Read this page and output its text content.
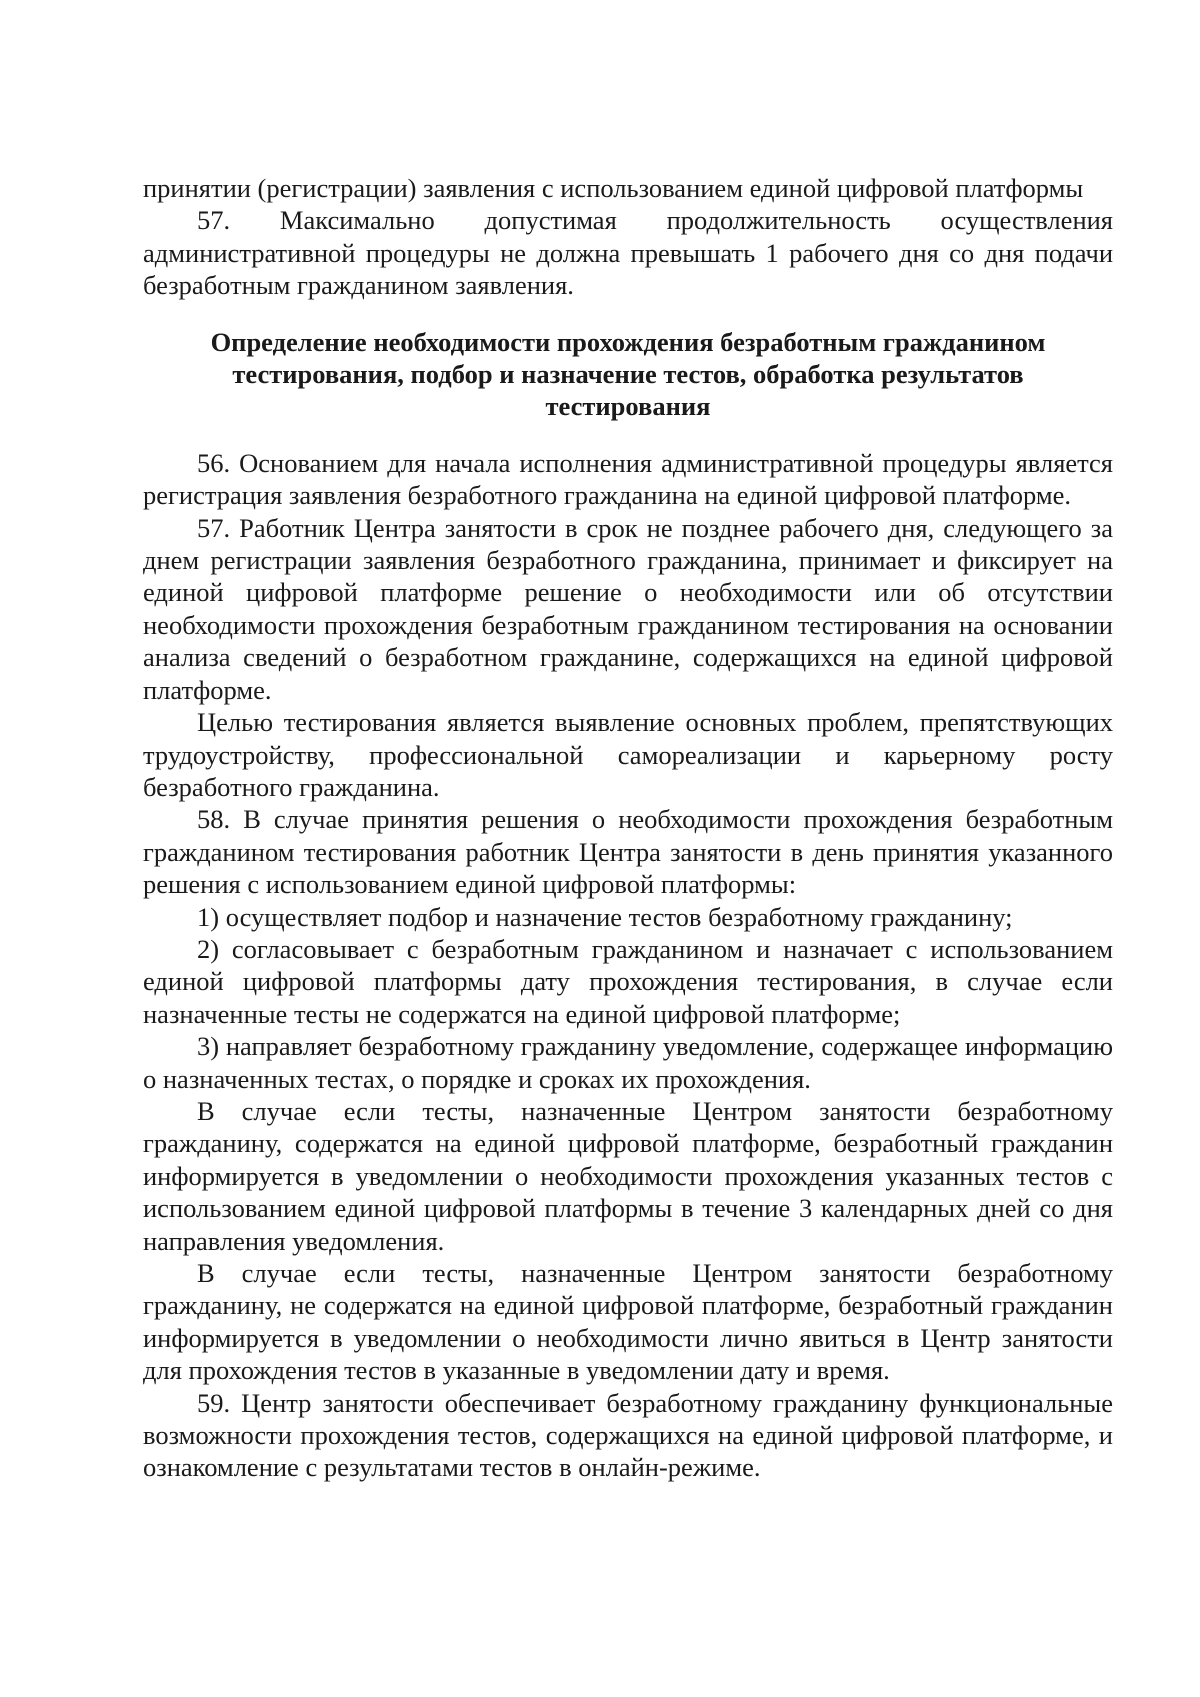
принятии (регистрации) заявления с использованием единой цифровой платформы

57. Максимально допустимая продолжительность осуществления административной процедуры не должна превышать 1 рабочего дня со дня подачи безработным гражданином заявления.

Определение необходимости прохождения безработным гражданином
тестирования, подбор и назначение тестов, обработка результатов
тестирования

56. Основанием для начала исполнения административной процедуры является регистрация заявления безработного гражданина на единой цифровой платформе.

57. Работник Центра занятости в срок не позднее рабочего дня, следующего за днем регистрации заявления безработного гражданина, принимает и фиксирует на единой цифровой платформе решение о необходимости или об отсутствии необходимости прохождения безработным гражданином тестирования на основании анализа сведений о безработном гражданине, содержащихся на единой цифровой платформе.

Целью тестирования является выявление основных проблем, препятствующих трудоустройству, профессиональной самореализации и карьерному росту безработного гражданина.

58. В случае принятия решения о необходимости прохождения безработным гражданином тестирования работник Центра занятости в день принятия указанного решения с использованием единой цифровой платформы:

1) осуществляет подбор и назначение тестов безработному гражданину;

2) согласовывает с безработным гражданином и назначает с использованием единой цифровой платформы дату прохождения тестирования, в случае если назначенные тесты не содержатся на единой цифровой платформе;

3) направляет безработному гражданину уведомление, содержащее информацию о назначенных тестах, о порядке и сроках их прохождения.

В случае если тесты, назначенные Центром занятости безработному гражданину, содержатся на единой цифровой платформе, безработный гражданин информируется в уведомлении о необходимости прохождения указанных тестов с использованием единой цифровой платформы в течение 3 календарных дней со дня направления уведомления.

В случае если тесты, назначенные Центром занятости безработному гражданину, не содержатся на единой цифровой платформе, безработный гражданин информируется в уведомлении о необходимости лично явиться в Центр занятости для прохождения тестов в указанные в уведомлении дату и время.

59. Центр занятости обеспечивает безработному гражданину функциональные возможности прохождения тестов, содержащихся на единой цифровой платформе, и ознакомление с результатами тестов в онлайн-режиме.
